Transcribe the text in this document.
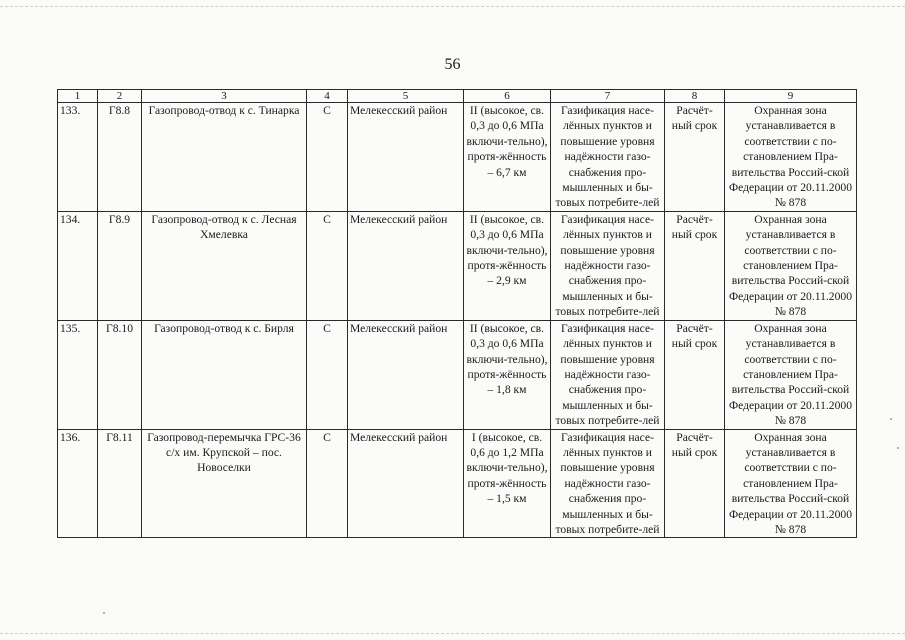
56
1	2	3	4	5	6	7	8	9
133.	Г8.8	Газопровод-отвод к с. Тинарка	С	Мелекесский район	II (высокое, св. 0,3 до 0,6 МПа включи-тельно), протя-жённость – 6,7 км	Газификация насе-лённых пунктов и повышение уровня надёжности газо-снабжения про-мышленных и бы-товых потребите-лей	Расчёт-ный срок	Охранная зона устанавливается в соответствии с по-становлением Пра-вительства Россий-ской Федерации от 20.11.2000 № 878
134.	Г8.9	Газопровод-отвод к с. Лесная Хмелевка	С	Мелекесский район	II (высокое, св. 0,3 до 0,6 МПа включи-тельно), протя-жённость – 2,9 км	Газификация насе-лённых пунктов и повышение уровня надёжности газо-снабжения про-мышленных и бы-товых потребите-лей	Расчёт-ный срок	Охранная зона устанавливается в соответствии с по-становлением Пра-вительства Россий-ской Федерации от 20.11.2000 № 878
135.	Г8.10	Газопровод-отвод к с. Бирля	С	Мелекесский район	II (высокое, св. 0,3 до 0,6 МПа включи-тельно), протя-жённость – 1,8 км	Газификация насе-лённых пунктов и повышение уровня надёжности газо-снабжения про-мышленных и бы-товых потребите-лей	Расчёт-ный срок	Охранная зона устанавливается в соответствии с по-становлением Пра-вительства Россий-ской Федерации от 20.11.2000 № 878
136.	Г8.11	Газопровод-перемычка ГРС-36 с/х им. Крупской – пос. Новоселки	С	Мелекесский район	I (высокое, св. 0,6 до 1,2 МПа включи-тельно), протя-жённость – 1,5 км	Газификация насе-лённых пунктов и повышение уровня надёжности газо-снабжения про-мышленных и бы-товых потребите-лей	Расчёт-ный срок	Охранная зона устанавливается в соответствии с по-становлением Пра-вительства Россий-ской Федерации от 20.11.2000 № 878
